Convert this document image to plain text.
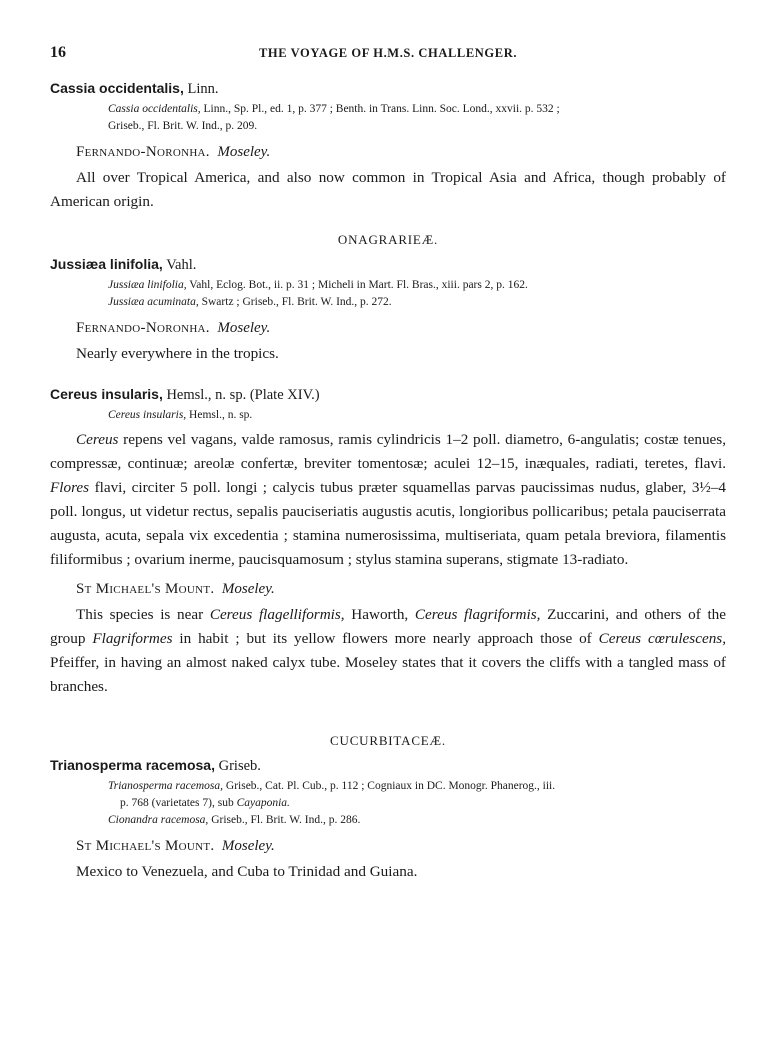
16	THE VOYAGE OF H.M.S. CHALLENGER.
Cassia occidentalis, Linn.
Cassia occidentalis, Linn., Sp. Pl., ed. 1, p. 377 ; Benth. in Trans. Linn. Soc. Lond., xxvii. p. 532 ;
Griseb., Fl. Brit. W. Ind., p. 209.
Fernando-Noronha. Moseley.
All over Tropical America, and also now common in Tropical Asia and Africa, though probably of American origin.
ONAGRARIEÆ.
Jussiæa linifolia, Vahl.
Jussiæa linifolia, Vahl, Eclog. Bot., ii. p. 31 ; Micheli in Mart. Fl. Bras., xiii. pars 2, p. 162.
Jussiæa acuminata, Swartz ; Griseb., Fl. Brit. W. Ind., p. 272.
Fernando-Noronha. Moseley.
Nearly everywhere in the tropics.
Cereus insularis, Hemsl., n. sp. (Plate XIV.)
Cereus insularis, Hemsl., n. sp.
Cereus repens vel vagans, valde ramosus, ramis cylindricis 1–2 poll. diametro, 6-angulatis; costæ tenues, compressæ, continuæ; areolæ confertæ, breviter tomentosæ; aculei 12–15, inæquales, radiati, teretes, flavi. Flores flavi, circiter 5 poll. longi ; calycis tubus præter squamellas parvas paucissimas nudus, glaber, 3½–4 poll. longus, ut videtur rectus, sepalis pauciseriatis augustis acutis, longioribus pollicaribus; petala pauciserrata augusta, acuta, sepala vix excedentia ; stamina numerosissima, multiseriata, quam petala breviora, filamentis filiformibus ; ovarium inerme, paucisquamosum ; stylus stamina superans, stigmate 13-radiato.
St Michael's Mount. Moseley.
This species is near Cereus flagelliformis, Haworth, Cereus flagriformis, Zuccarini, and others of the group Flagriformes in habit ; but its yellow flowers more nearly approach those of Cereus cœrulescens, Pfeiffer, in having an almost naked calyx tube. Moseley states that it covers the cliffs with a tangled mass of branches.
CUCURBITACEÆ.
Trianosperma racemosa, Griseb.
Trianosperma racemosa, Griseb., Cat. Pl. Cub., p. 112 ; Cogniaux in DC. Monogr. Phanerog., iii.
p. 768 (varietates 7), sub Cayaponia.
Cionandra racemosa, Griseb., Fl. Brit. W. Ind., p. 286.
St Michael's Mount. Moseley.
Mexico to Venezuela, and Cuba to Trinidad and Guiana.
